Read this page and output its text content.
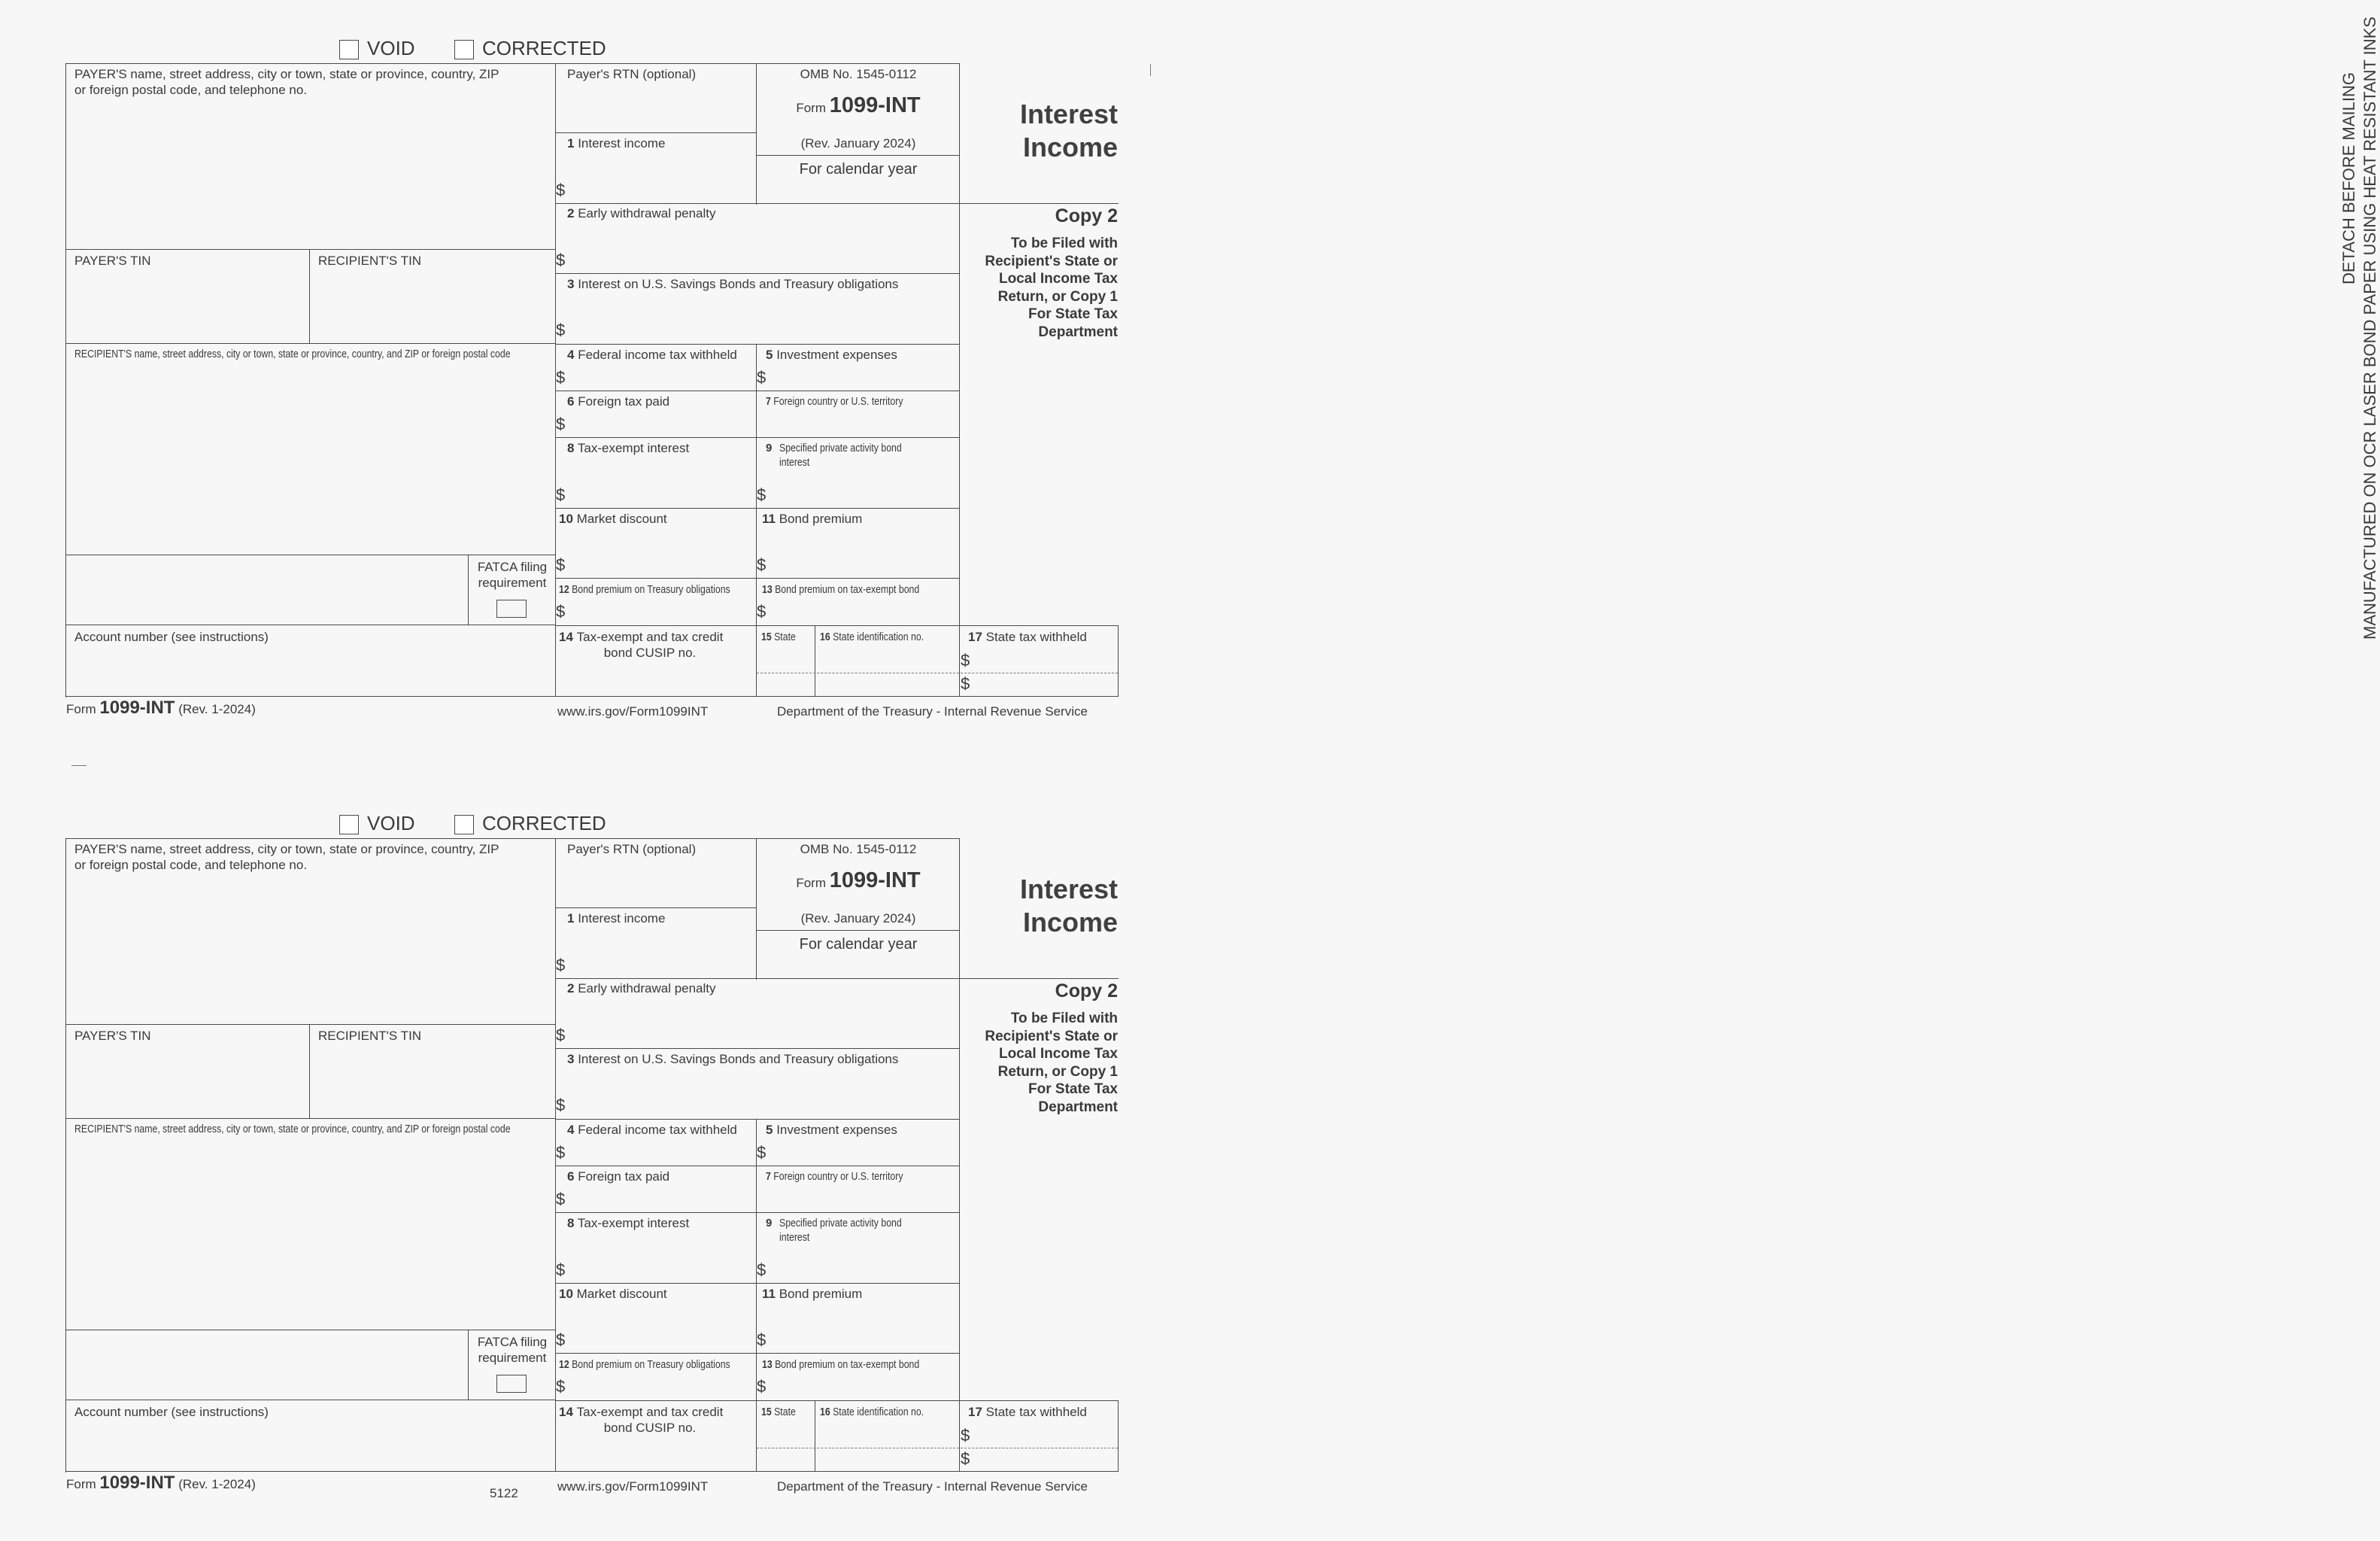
VOID	CORRECTED
PAYER'S name, street address, city or town, state or province, country, ZIP
or foreign postal code, and telephone no.
PAYER'S TIN	RECIPIENT'S TIN
RECIPIENT'S name, street address, city or town, state or province, country, and ZIP or foreign postal code
FATCA filing
requirement
Account number (see instructions)
Payer's RTN (optional)	OMB No. 1545-0112
Form 1099-INT
(Rev. January 2024)
For calendar year
Interest
Income
Copy 2
To be Filed with
Recipient's State or
Local Income Tax
Return, or Copy 1
For State Tax
Department
1 Interest income
$
2 Early withdrawal penalty
$
3 Interest on U.S. Savings Bonds and Treasury obligations
$
4 Federal income tax withheld
$
5 Investment expenses
$
6 Foreign tax paid
$
7 Foreign country or U.S. territory
8 Tax-exempt interest
$
9 Specified private activity bond
interest
$
10 Market discount
$
11 Bond premium
$
12 Bond premium on Treasury obligations
$
13 Bond premium on tax-exempt bond
$
14 Tax-exempt and tax credit
bond CUSIP no.
15 State	16 State identification no.	17 State tax withheld
$
$
Form 1099-INT (Rev. 1-2024)	www.irs.gov/Form1099INT	Department of the Treasury - Internal Revenue Service
VOID	CORRECTED
PAYER'S name, street address, city or town, state or province, country, ZIP
or foreign postal code, and telephone no.
PAYER'S TIN	RECIPIENT'S TIN
RECIPIENT'S name, street address, city or town, state or province, country, and ZIP or foreign postal code
FATCA filing
requirement
Account number (see instructions)
Payer's RTN (optional)	OMB No. 1545-0112
Form 1099-INT
(Rev. January 2024)
For calendar year
Interest
Income
Copy 2
To be Filed with
Recipient's State or
Local Income Tax
Return, or Copy 1
For State Tax
Department
1 Interest income
$
2 Early withdrawal penalty
$
3 Interest on U.S. Savings Bonds and Treasury obligations
$
4 Federal income tax withheld
$
5 Investment expenses
$
6 Foreign tax paid
$
7 Foreign country or U.S. territory
8 Tax-exempt interest
$
9 Specified private activity bond
interest
$
10 Market discount
$
11 Bond premium
$
12 Bond premium on Treasury obligations
$
13 Bond premium on tax-exempt bond
$
14 Tax-exempt and tax credit
bond CUSIP no.
15 State	16 State identification no.	17 State tax withheld
$
$
Form 1099-INT (Rev. 1-2024)
5122	www.irs.gov/Form1099INT	Department of the Treasury - Internal Revenue Service
DETACH BEFORE MAILING MANUFACTURED ON OCR LASER BOND PAPER USING HEAT RESISTANT INKS
